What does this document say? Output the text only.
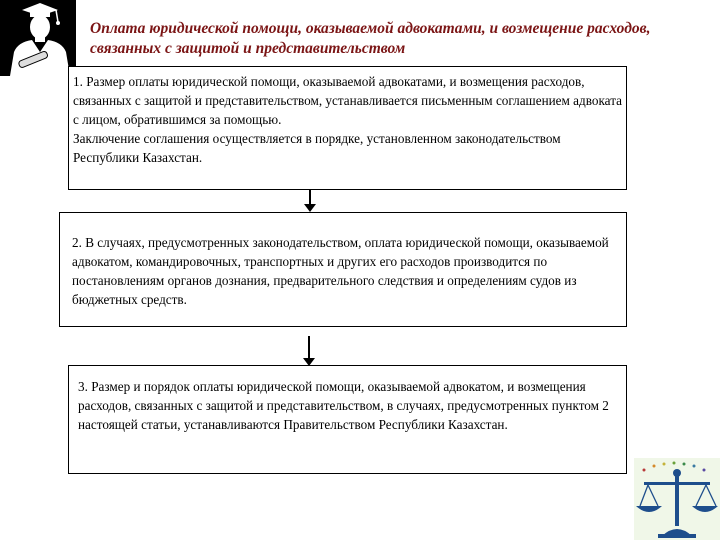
Оплата юридической помощи, оказываемой адвокатами, и возмещение расходов, связанных с защитой и представительством

1. Размер оплаты юридической помощи, оказываемой адвокатами, и возмещения расходов, связанных с защитой и представительством, устанавливается письменным соглашением адвоката с лицом, обратившимся за помощью.

Заключение соглашения осуществляется в порядке, установленном законодательством Республики Казахстан.

2. В случаях, предусмотренных законодательством, оплата юридической помощи, оказываемой адвокатом, командировочных, транспортных и других его расходов производится по постановлениям органов дознания, предварительного следствия и определениям судов из бюджетных средств.

3. Размер и порядок оплаты юридической помощи, оказываемой адвокатом, и возмещения расходов, связанных с защитой и представительством, в случаях, предусмотренных пунктом 2 настоящей статьи, устанавливаются Правительством Республики Казахстан.
